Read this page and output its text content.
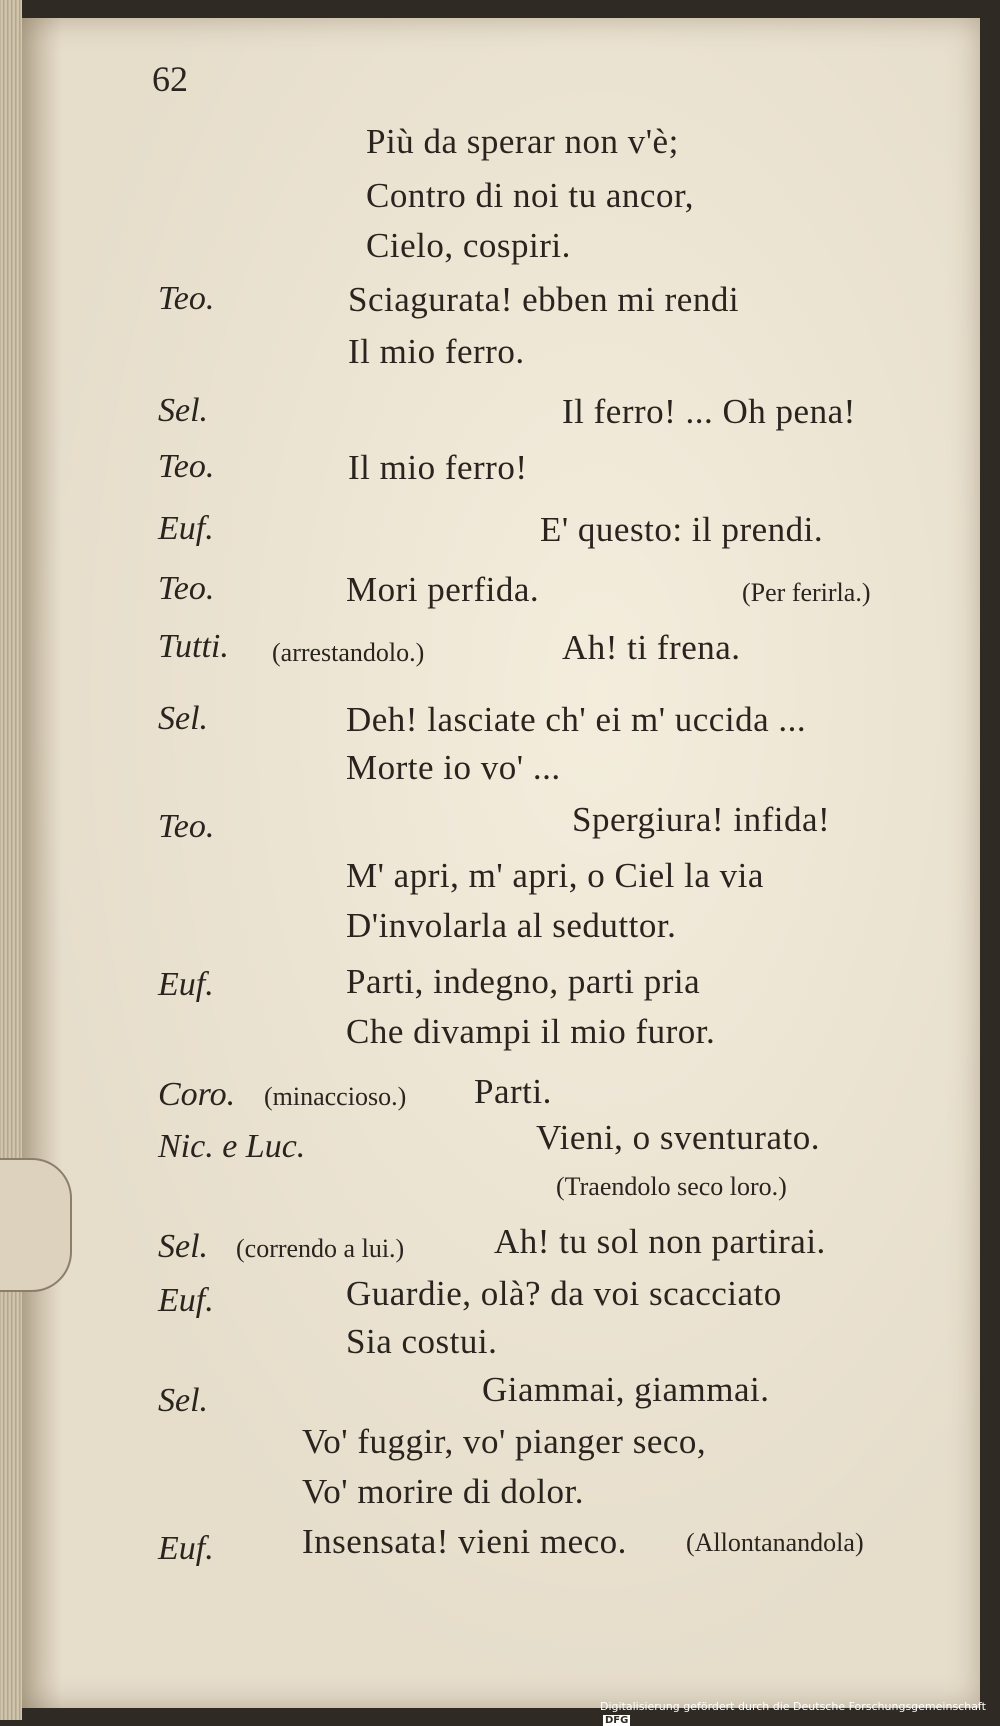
62
Più da sperar non v'è;
Contro di noi tu ancor,
Cielo, cospiri.
Teo.	Sciagurata! ebben mi rendi
Il mio ferro.
Sel.	Il ferro! ... Oh pena!
Teo.	Il mio ferro!
Euf.	E' questo: il prendi.
Teo.	Mori perfida.	(Per ferirla.)
Tutti. (arrestandolo.)	Ah! ti frena.
Sel.	Deh! lasciate ch' ei m' uccida ...
Morte io vo' ...
Teo.	Spergiura! infida!
M' apri, m' apri, o Ciel la via
D'involarla al seduttor.
Euf.	Parti, indegno, parti pria
Che divampi il mio furor.
Coro. (minaccioso.) Parti.
Nic. e Luc.	Vieni, o sventurato.
(Traendolo seco loro.)
Sel. (correndo a lui.)	Ah! tu sol non partirai.
Euf.	Guardie, olà? da voi scacciato
Sia costui.
Sel.	Giammai, giammai.
Vo' fuggir, vo' pianger seco,
Vo' morire di dolor.
Euf.	Insensata! vieni meco. (Allontanandola)
Digitalisierung gefördert durch die Deutsche Forschungsgemeinschaft DFG
